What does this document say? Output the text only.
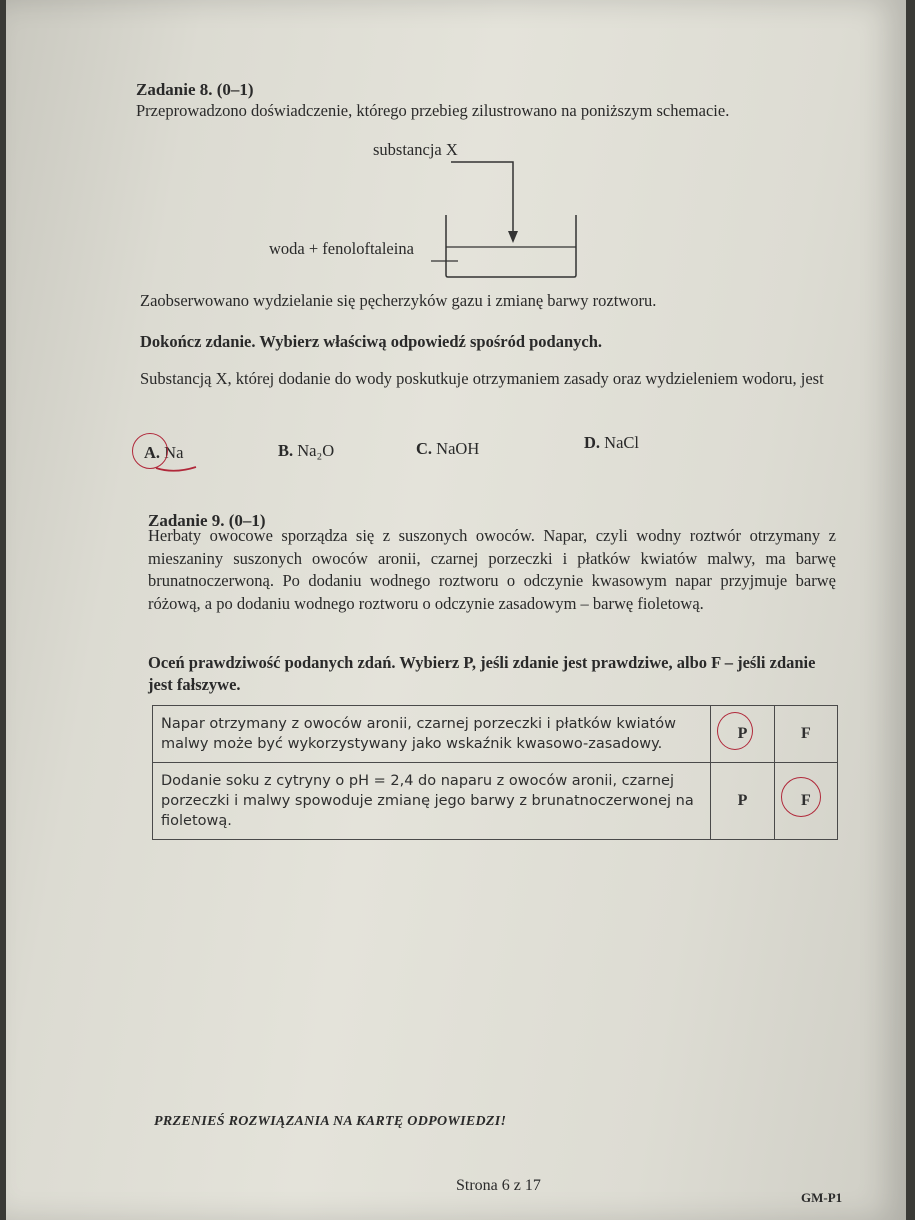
Zadanie 8. (0–1)
Przeprowadzono doświadczenie, którego przebieg zilustrowano na poniższym schemacie.
substancja X
woda + fenoloftaleina
Zaobserwowano wydzielanie się pęcherzyków gazu i zmianę barwy roztworu.
Dokończ zdanie. Wybierz właściwą odpowiedź spośród podanych.
Substancją X, której dodanie do wody poskutkuje otrzymaniem zasady oraz wydzieleniem wodoru, jest
A. Na	B. Na₂O	C. NaOH	D. NaCl
Zadanie 9. (0–1)
Herbaty owocowe sporządza się z suszonych owoców. Napar, czyli wodny roztwór otrzymany z mieszaniny suszonych owoców aronii, czarnej porzeczki i płatków kwiatów malwy, ma barwę brunatnoczerwoną. Po dodaniu wodnego roztworu o odczynie kwasowym napar przyjmuje barwę różową, a po dodaniu wodnego roztworu o odczynie zasadowym – barwę fioletową.
Oceń prawdziwość podanych zdań. Wybierz P, jeśli zdanie jest prawdziwe, albo F – jeśli zdanie jest fałszywe.
Napar otrzymany z owoców aronii, czarnej porzeczki i płatków kwiatów malwy może być wykorzystywany jako wskaźnik kwasowo-zasadowy.	P	F
Dodanie soku z cytryny o pH = 2,4 do naparu z owoców aronii, czarnej porzeczki i malwy spowoduje zmianę jego barwy z brunatnoczerwonej na fioletową.	P	F
PRZENIEŚ ROZWIĄZANIA NA KARTĘ ODPOWIEDZI!
Strona 6 z 17
GM-P1
